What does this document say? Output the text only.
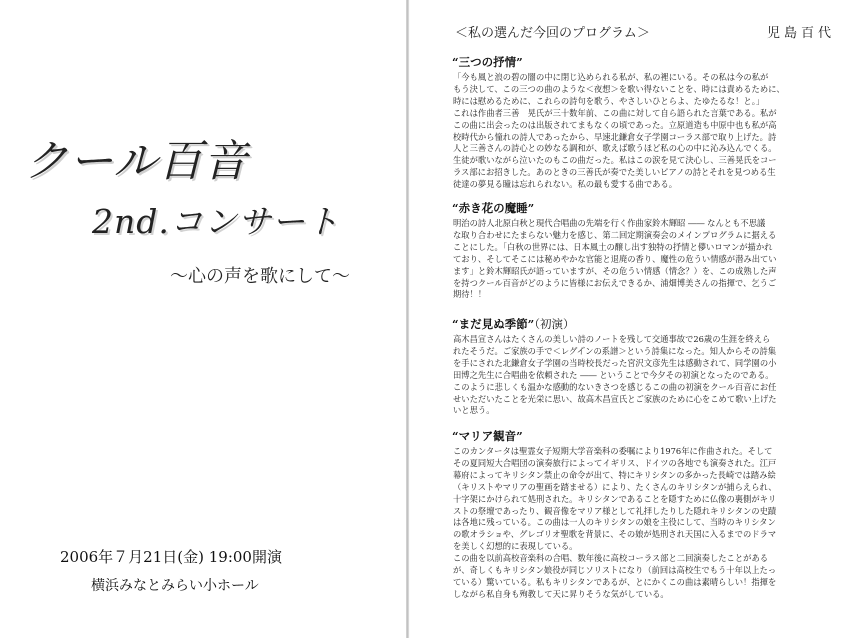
クール百音
2nd.コンサート
～心の声を歌にして～
2006年７月21日(金) 19:00開演
横浜みなとみらい小ホール
＜私の選んだ今回のプログラム＞	児島百代
“三つの抒情”

「今も風と浪の碧の闇の中に閉じ込められる私が、私の裡にいる。その私は今の私が

もう決して、この三つの曲のような＜夜想＞を歌い得ないことを、時には責めるために、

時には慰めるために、これらの詩句を歌う、やさしいひとらよ、たゆたるな！と。」

これは作曲者三善　晃氏が三十数年前、この曲に対して自ら語られた言葉である。私が

この曲に出会ったのは出版されてまもなくの頃であった。立原道造も中原中也も私が高

校時代から憧れの詩人であったから、早速北鎌倉女子学園コーラス部で取り上げた。詩

人と三善さんの詩心との妙なる調和が、歌えば歌うほど私の心の中に沁み込んでくる。

生徒が歌いながら泣いたのもこの曲だった。私はこの涙を見て決心し、三善晃氏をコー

ラス部にお招きした。あのときの三善氏が奏でた美しいピアノの詩とそれを見つめる生

徒達の夢見る瞳は忘れられない。私の最も愛する曲である。

“赤き花の魔睡”

明治の詩人北原白秋と現代合唱曲の先端を行く作曲家鈴木輝昭 ―― なんとも不思議

な取り合わせにたまらない魅力を感じ、第二回定期演奏会のメインプログラムに据える

ことにした。「白秋の世界には、日本風土の醸し出す独特の抒情と儚いロマンが描かれ

ており、そしてそこには秘めやかな官能と退廃の香り、魔性の危うい情感が潜み出てい

ます」と鈴木輝昭氏が語っていますが、その危うい情感（情念？）を、この成熟した声

を持つクール百音がどのように皆様にお伝えできるか、浦畑博美さんの指揮で、乞うご

期待！！

“まだ見ぬ季節”（初演）

高木昌宣さんはたくさんの美しい詩のノートを残して交通事故で26歳の生涯を終えら

れたそうだ。ご家族の手で＜レグイ゙ンの系譜＞という詩集になった。知人からその詩集

を手にされた北鎌倉女子学園の当時校長だった宮沢文彦先生は感動されて、同学園の小

田博之先生に合唱曲を依頼された ―― ということで今夕その初演となったのである。

このように悲しくも温かな感動的ないきさつを感じるこの曲の初演をクール百音にお任

せいただいたことを光栄に思い、故高木昌宣氏とご家族のために心をこめて歌い上げた

いと思う。

“マリア観音”

このカンタータは聖霊女子短期大学音楽科の委嘱により1976年に作曲された。そして

その夏同短大合唱団の演奏旅行によってイギリス、ドイツの各地でも演奏された。江戸

幕府によってキリシタン禁止の命令が出て、特にキリシタンの多かった長崎では踏み絵

（キリストやマリアの聖画を踏ませる）により、たくさんのキリシタンが捕らえられ、

十字架にかけられて処刑された。キリシタンであることを隠すために仏像の裏側がキリ

ストの祭壇であったり、観音像をマリア様として礼拝したりした隠れキリシタンの史蹟

は各地に残っている。この曲は一人のキリシタンの娘を主役にして、当時のキリシタン

の歌オラショや、グレゴリオ聖歌を背景に、その娘が処刑され天国に入るまでのドラマ

を美しく幻想的に表現している。

この曲を以前高校音楽科の合唱、数年後に高校コーラス部と二回演奏したことがある

が、奇しくもキリシタン娘役が同じソリストになり（前回は高校生でもう十年以上たっ

ている）驚いている。私もキリシタンであるが、とにかくこの曲は素晴らしい！指揮を

しながら私自身も殉教して天に昇りそうな気がしている。
